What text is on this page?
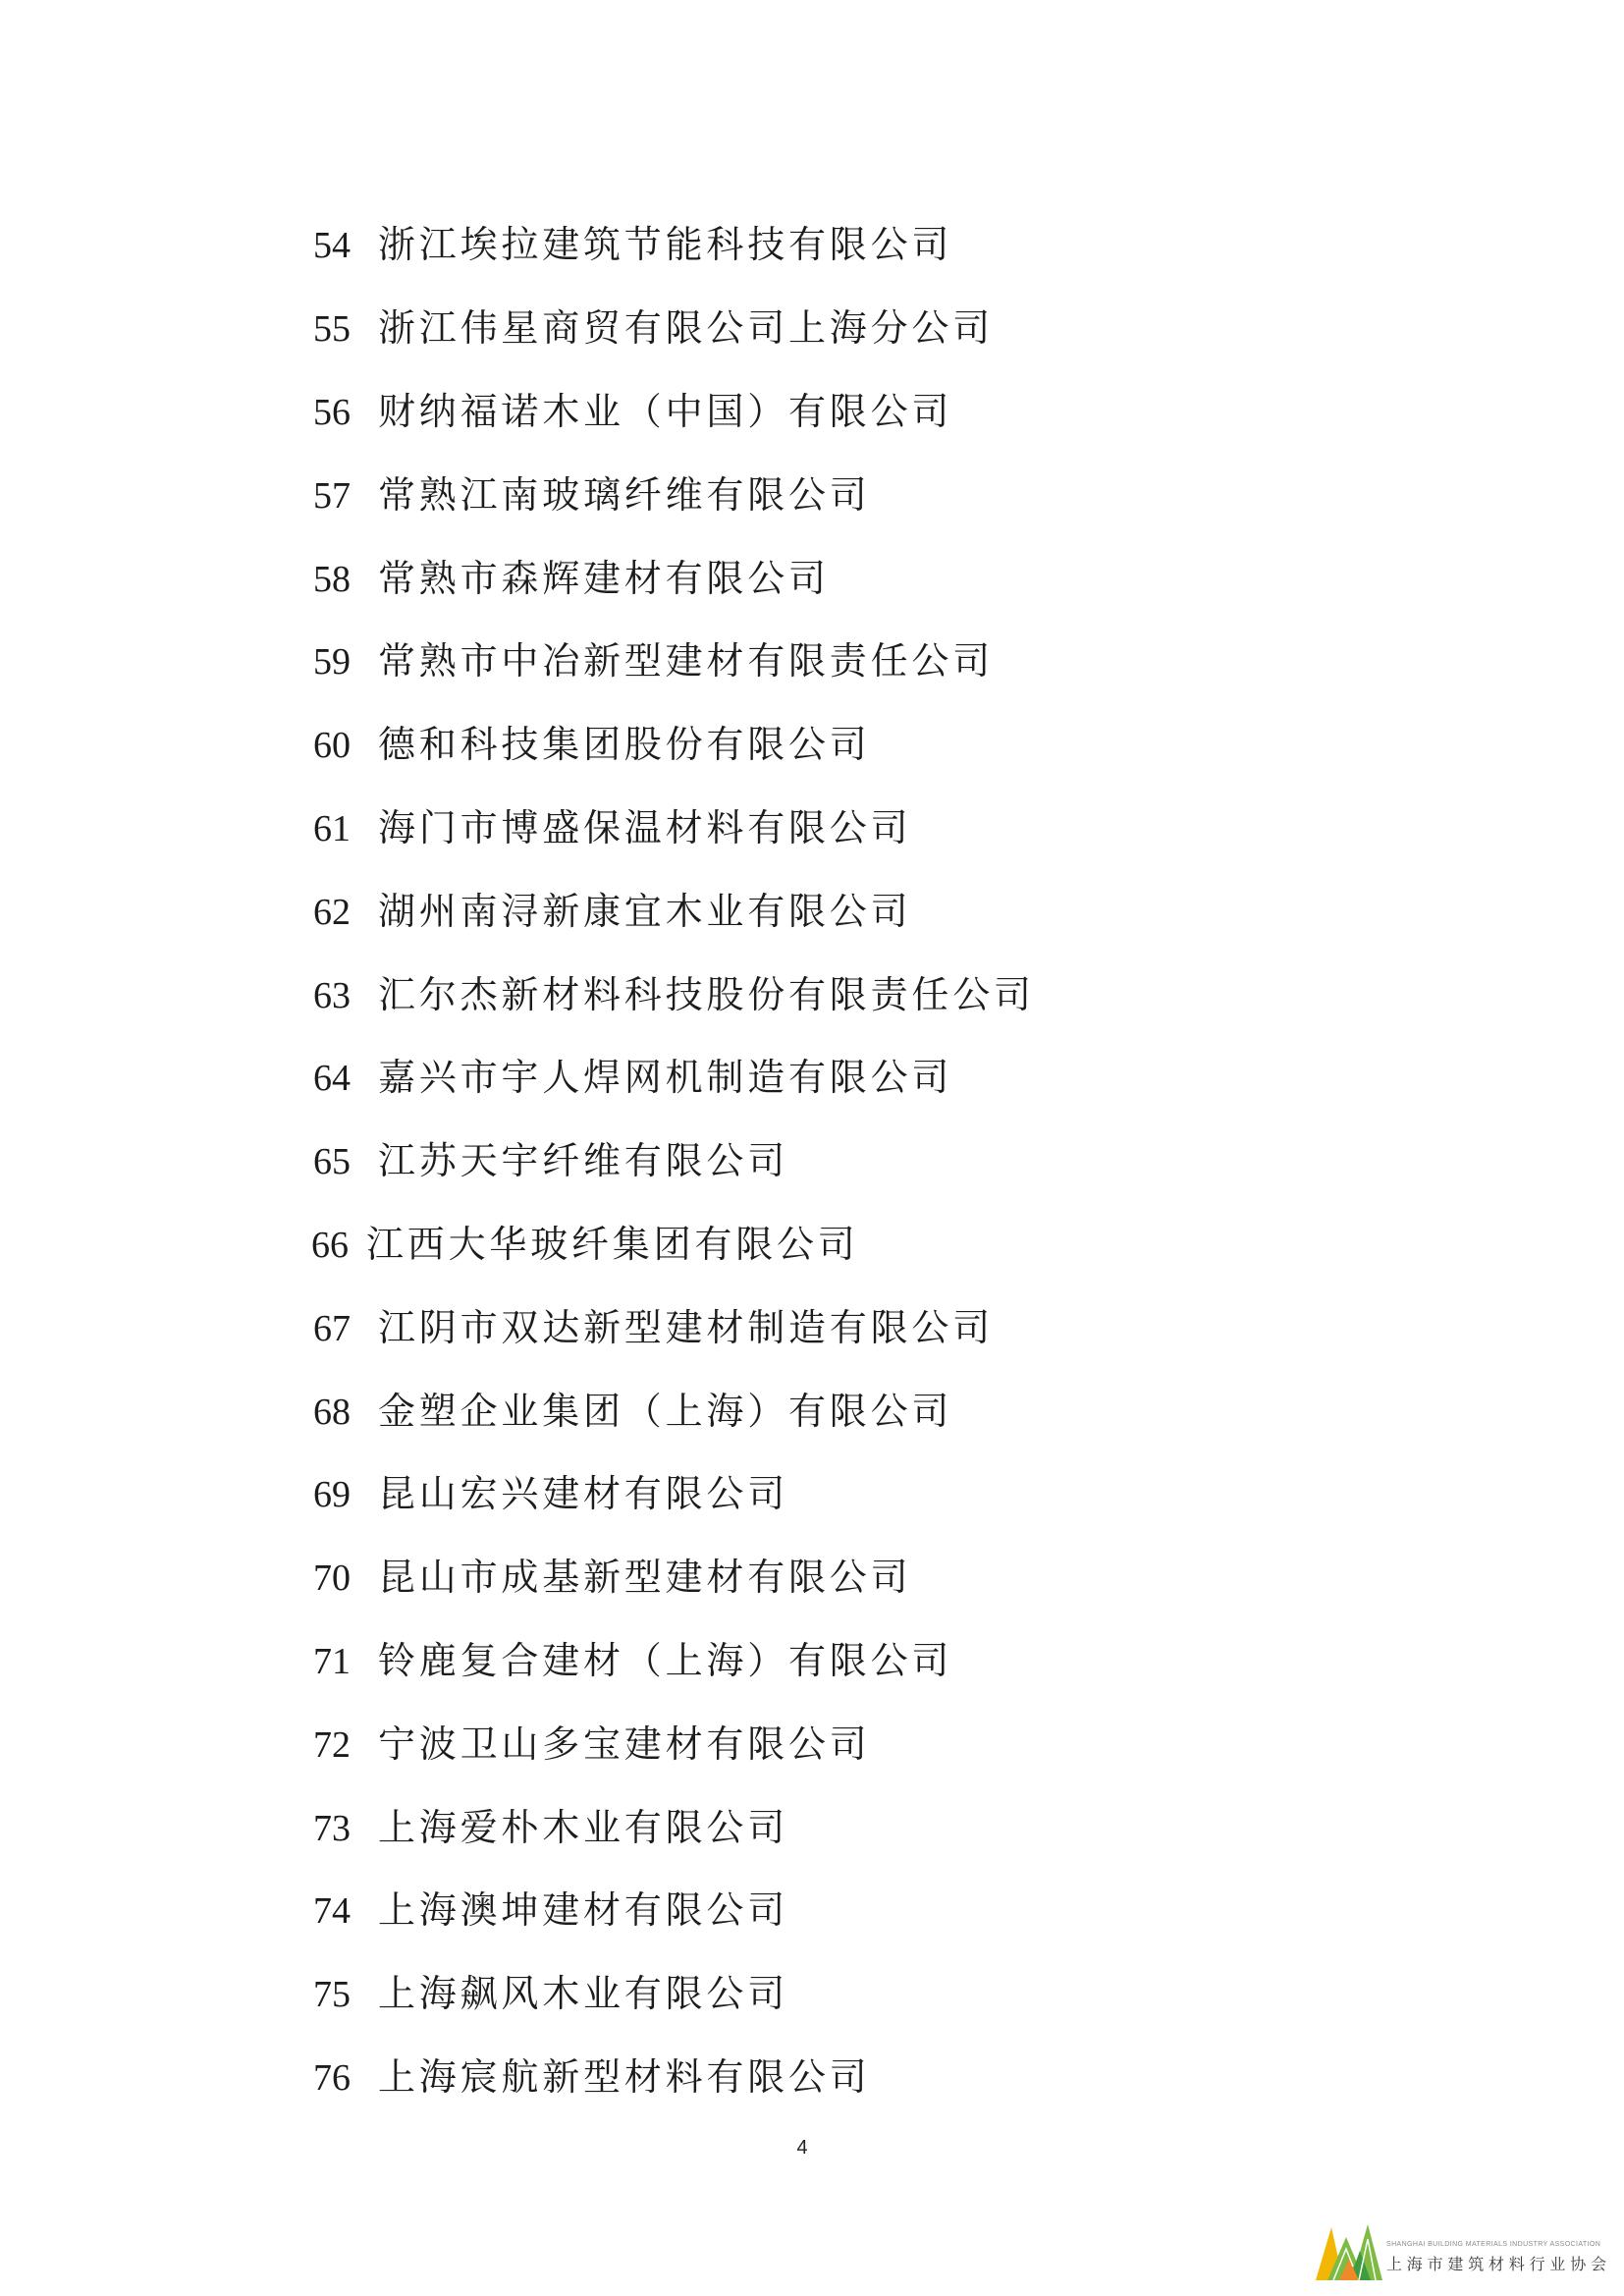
54 浙江埃拉建筑节能科技有限公司
55 浙江伟星商贸有限公司上海分公司
56 财纳福诺木业（中国）有限公司
57 常熟江南玻璃纤维有限公司
58 常熟市森辉建材有限公司
59 常熟市中冶新型建材有限责任公司
60 德和科技集团股份有限公司
61 海门市博盛保温材料有限公司
62 湖州南浔新康宜木业有限公司
63 汇尔杰新材料科技股份有限责任公司
64 嘉兴市宇人焊网机制造有限公司
65 江苏天宇纤维有限公司
66 江西大华玻纤集团有限公司
67 江阴市双达新型建材制造有限公司
68 金塑企业集团（上海）有限公司
69 昆山宏兴建材有限公司
70 昆山市成基新型建材有限公司
71 铃鹿复合建材（上海）有限公司
72 宁波卫山多宝建材有限公司
73 上海爱朴木业有限公司
74 上海澳坤建材有限公司
75 上海飙风木业有限公司
76 上海宸航新型材料有限公司
4
SHANGHAI BUILDING MATERIALS INDUSTRY ASSOCIATION
上海市建筑材料行业协会
